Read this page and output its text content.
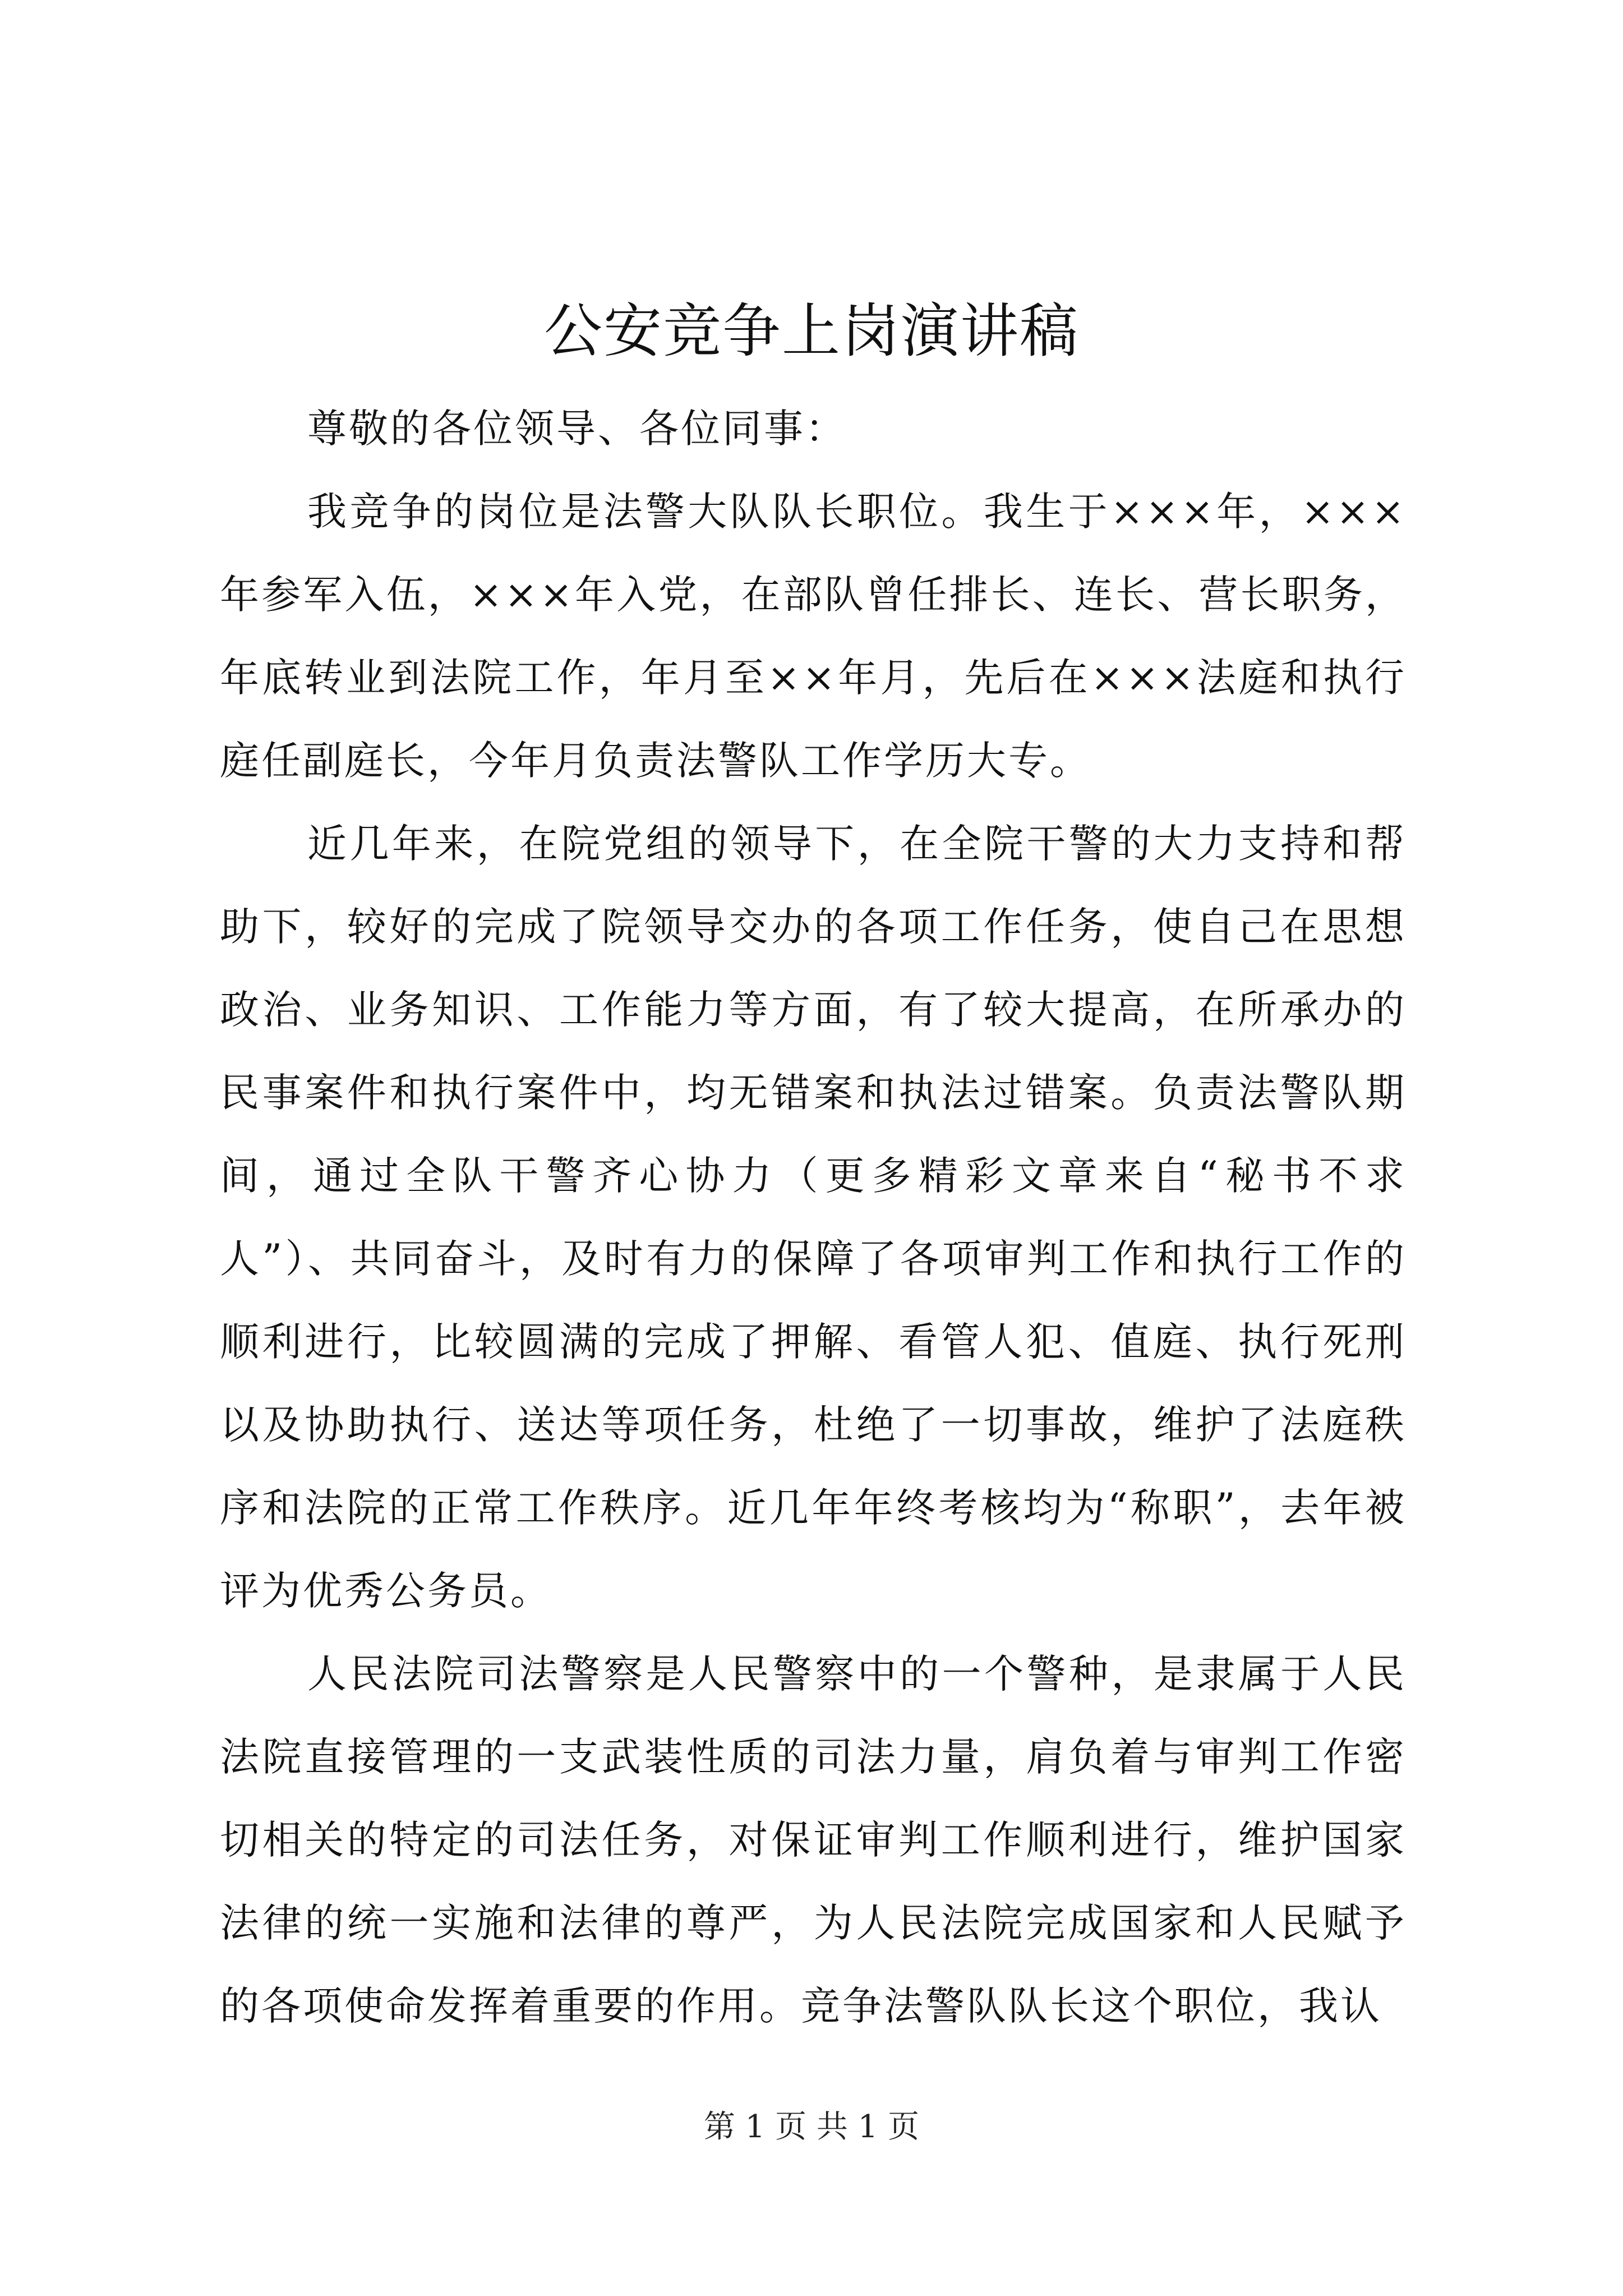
公安竞争上岗演讲稿

尊敬的各位领导、各位同事：

我竞争的岗位是法警大队队长职位。我生于×××年，×××年参军入伍，×××年入党，在部队曾任排长、连长、营长职务，年底转业到法院工作，年月至××年月，先后在×××法庭和执行庭任副庭长，今年月负责法警队工作学历大专。

近几年来，在院党组的领导下，在全院干警的大力支持和帮助下，较好的完成了院领导交办的各项工作任务，使自己在思想政治、业务知识、工作能力等方面，有了较大提高，在所承办的民事案件和执行案件中，均无错案和执法过错案。负责法警队期间，通过全队干警齐心协力（更多精彩文章来自“秘书不求人”）、共同奋斗，及时有力的保障了各项审判工作和执行工作的顺利进行，比较圆满的完成了押解、看管人犯、值庭、执行死刑以及协助执行、送达等项任务，杜绝了一切事故，维护了法庭秩序和法院的正常工作秩序。近几年年终考核均为“称职”，去年被评为优秀公务员。

人民法院司法警察是人民警察中的一个警种，是隶属于人民法院直接管理的一支武装性质的司法力量，肩负着与审判工作密切相关的特定的司法任务，对保证审判工作顺利进行，维护国家法律的统一实施和法律的尊严，为人民法院完成国家和人民赋予的各项使命发挥着重要的作用。竞争法警队队长这个职位，我认

第 1 页 共 1 页
